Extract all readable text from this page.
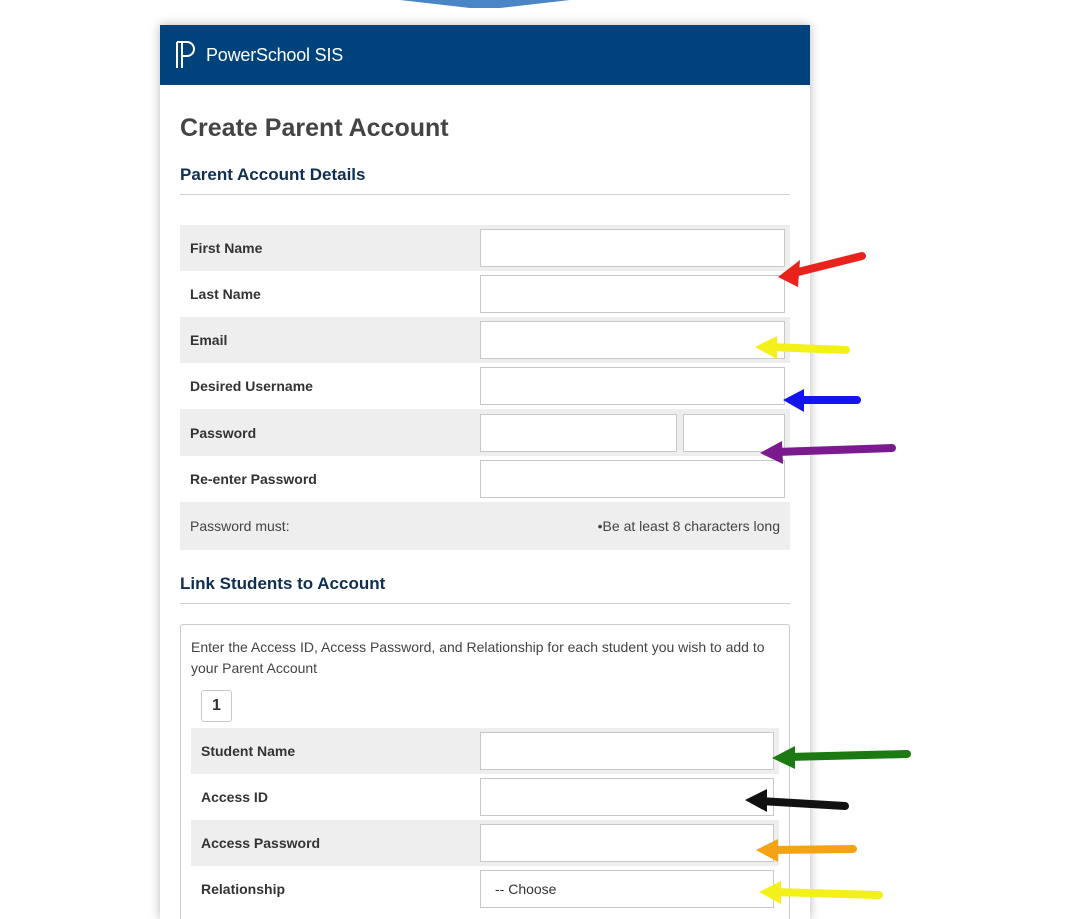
PowerSchool SIS
Create Parent Account
Parent Account Details
First Name
Last Name
Email
Desired Username
Password
Re-enter Password
Password must:	•Be at least 8 characters long
Link Students to Account

Enter the Access ID, Access Password, and Relationship for each student you wish to add to your Parent Account

1
Student Name
Access ID
Access Password
Relationship	-- Choose
